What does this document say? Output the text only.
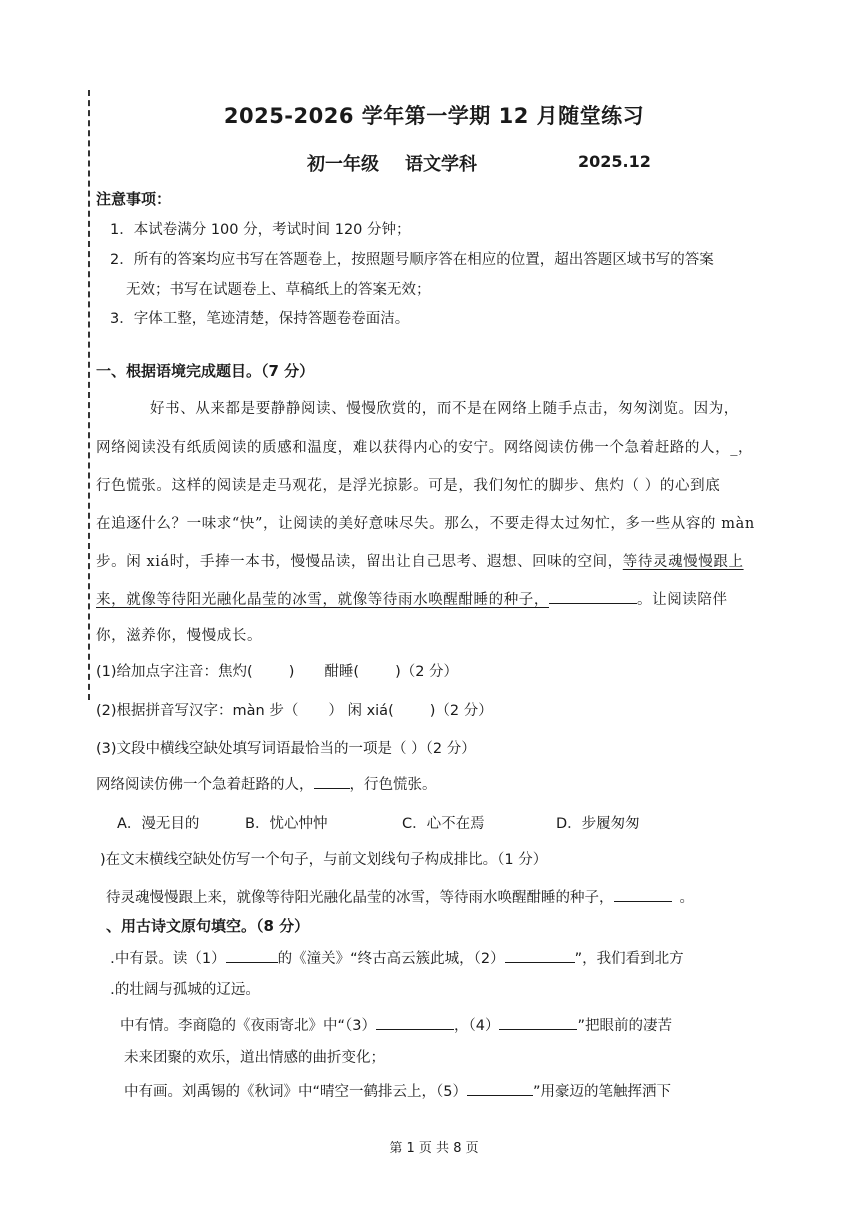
2025-2026 学年第一学期 12 月随堂练习
初一年级 语文学科	2025.12
注意事项：
1．本试卷满分 100 分，考试时间 120 分钟；
2．所有的答案均应书写在答题卷上，按照题号顺序答在相应的位置，超出答题区域书写的答案
无效；书写在试题卷上、草稿纸上的答案无效；
3．字体工整，笔迹清楚，保持答题卷卷面洁。
一、根据语境完成题目。（7 分）
好书、从来都是要静静阅读、慢慢欣赏的，而不是在网络上随手点击，匆匆浏览。因为，
网络阅读没有纸质阅读的质感和温度，难以获得内心的安宁。网络阅读仿佛一个急着赶路的人，_，
行色慌张。这样的阅读是走马观花，是浮光掠影。可是，我们匆忙的脚步、焦灼（ ）的心到底
在追逐什么？一味求“快”，让阅读的美好意味尽失。那么，不要走得太过匆忙，多一些从容的 màn
步。闲 xiá时，手捧一本书，慢慢品读，留出让自己思考、遐想、回味的空间，等待灵魂慢慢跟上
来，就像等待阳光融化晶莹的冰雪，就像等待雨水唤醒酣睡的种子，	。让阅读陪伴
你，滋养你，慢慢成长。
(1)给加点字注音：焦灼( ) 酣睡( )（2 分）
(2)根据拼音写汉字：màn 步（ ） 闲 xiá( )（2 分）
(3)文段中横线空缺处填写词语最恰当的一项是（ ）（2 分）
网络阅读仿佛一个急着赶路的人， ，行色慌张。
A．漫无目的	B．忧心忡忡	C．心不在焉	D．步履匆匆
)在文末横线空缺处仿写一个句子，与前文划线句子构成排比。（1 分）
待灵魂慢慢跟上来，就像等待阳光融化晶莹的冰雪，等待雨水唤醒酣睡的种子，	。
、用古诗文原句填空。（8 分）
․中有景。读（1）	的《潼关》“终古高云簇此城，（2）	”，我们看到北方
․的壮阔与孤城的辽远。
中有情。李商隐的《夜雨寄北》中“（3）	，（4）	”把眼前的凄苦
未来团聚的欢乐，道出情感的曲折变化；
中有画。刘禹锡的《秋词》中“晴空一鹤排云上，（5）	”用豪迈的笔触挥洒下
第 1 页 共 8 页
